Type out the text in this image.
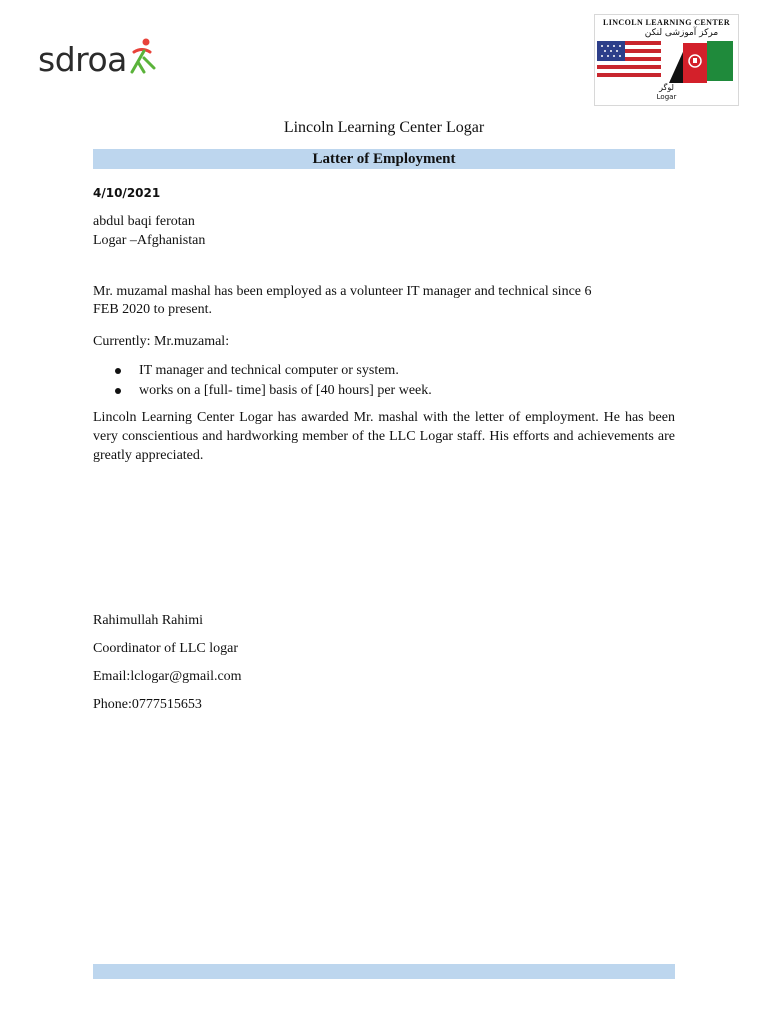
sdroa
LINCOLN LEARNING CENTER
مرکز آموزشی لنکن
لوگر
Logar
Lincoln Learning Center Logar
Latter of Employment
4/10/2021
abdul baqi ferotan
Logar –Afghanistan
Mr. muzamal mashal has been employed as a volunteer IT manager and technical since 6
FEB 2020 to present.
Currently: Mr.muzamal:
IT manager and technical computer or system.
works on a [full- time] basis of [40 hours] per week.
Lincoln Learning Center Logar has awarded Mr. mashal with the letter of employment. He has been very conscientious and hardworking member of the LLC Logar staff. His efforts and achievements are greatly appreciated.
Rahimullah Rahimi
Coordinator of LLC logar
Email:lclogar@gmail.com
Phone:0777515653
